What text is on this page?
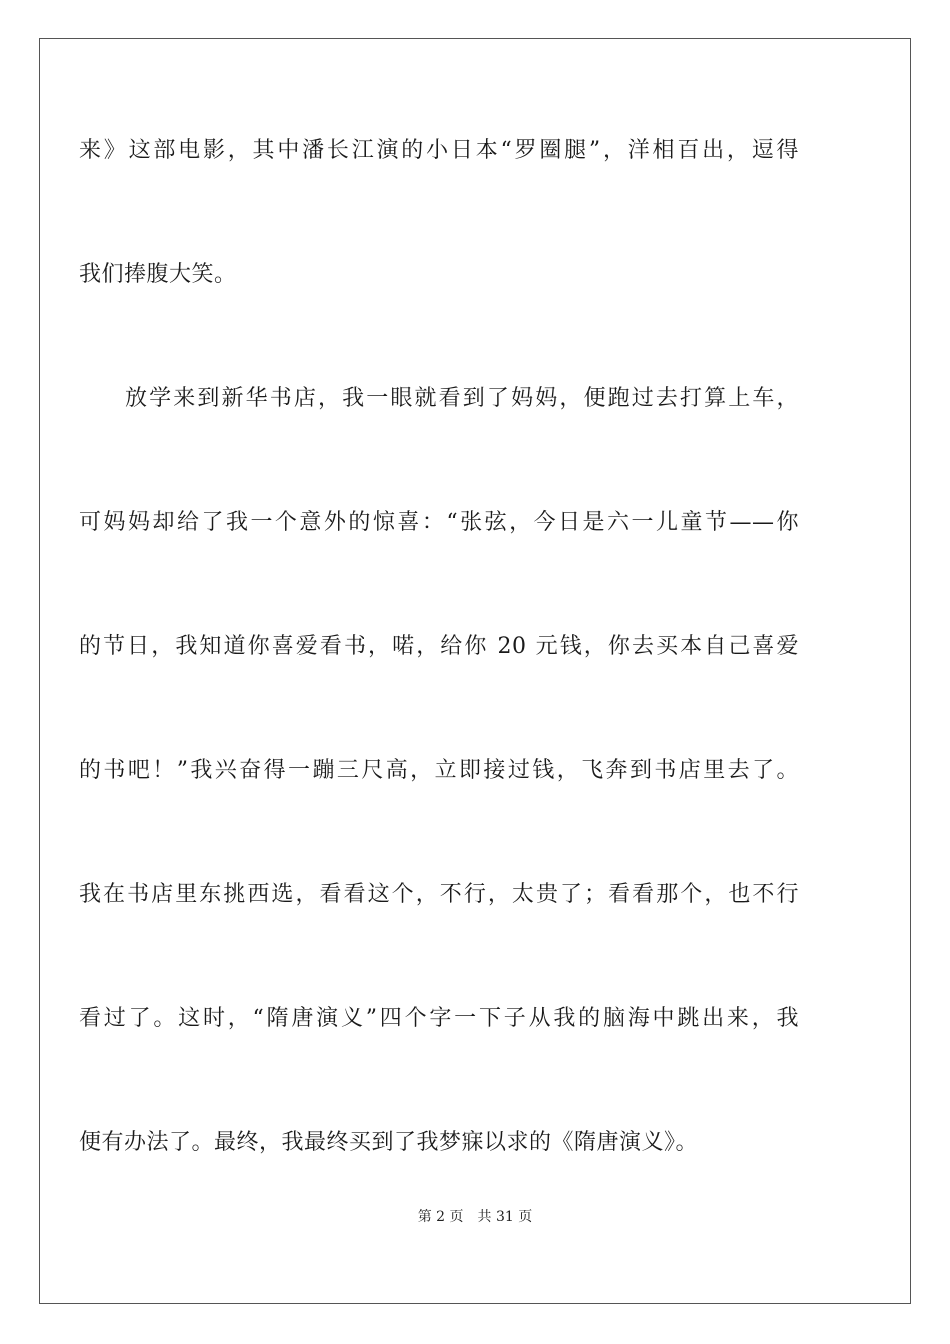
来》这部电影，其中潘长江演的小日本“罗圈腿”，洋相百出，逗得
我们捧腹大笑。
放学来到新华书店，我一眼就看到了妈妈，便跑过去打算上车，
可妈妈却给了我一个意外的惊喜：“张弦，今日是六一儿童节——你
的节日，我知道你喜爱看书，喏，给你 20 元钱，你去买本自己喜爱
的书吧！”我兴奋得一蹦三尺高，立即接过钱，飞奔到书店里去了。
我在书店里东挑西选，看看这个，不行，太贵了；看看那个，也不行
看过了。这时，“隋唐演义”四个字一下子从我的脑海中跳出来，我
便有办法了。最终，我最终买到了我梦寐以求的《隋唐演义》。
第 2 页 共 31 页
